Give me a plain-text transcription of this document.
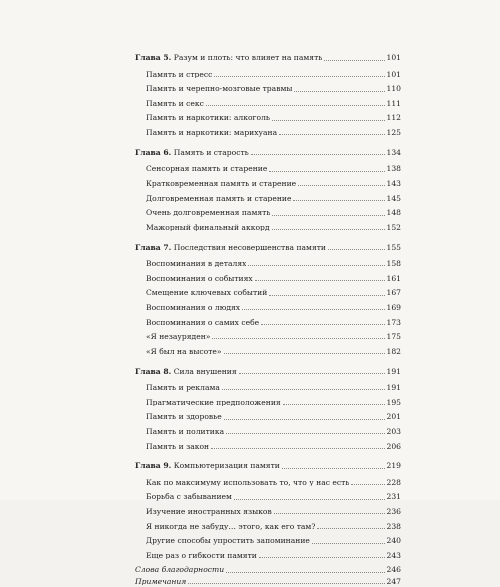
Глава 5. Разум и плоть: что влияет на память	101
Память и стресс	101
Память и черепно-мозговые травмы	110
Память и секс	111
Память и наркотики: алкоголь	112
Память и наркотики: марихуана	125
Глава 6. Память и старость	134
Сенсорная память и старение	138
Кратковременная память и старение	143
Долговременная память и старение	145
Очень долговременная память	148
Мажорный финальный аккорд	152
Глава 7. Последствия несовершенства памяти	155
Воспоминания в деталях	158
Воспоминания о событиях	161
Смещение ключевых событий	167
Воспоминания о людях	169
Воспоминания о самих себе	173
«Я незауряден»	175
«Я был на высоте»	182
Глава 8. Сила внушения	191
Память и реклама	191
Прагматические предположения	195
Память и здоровье	201
Память и политика	203
Память и закон	206
Глава 9. Компьютеризация памяти	219
Как по максимуму использовать то, что у нас есть	228
Борьба с забыванием	231
Изучение иностранных языков	236
Я никогда не забуду… этого, как его там?	238
Другие способы упростить запоминание	240
Еще раз о гибкости памяти	243
Слова благодарности	246
Примечания	247
